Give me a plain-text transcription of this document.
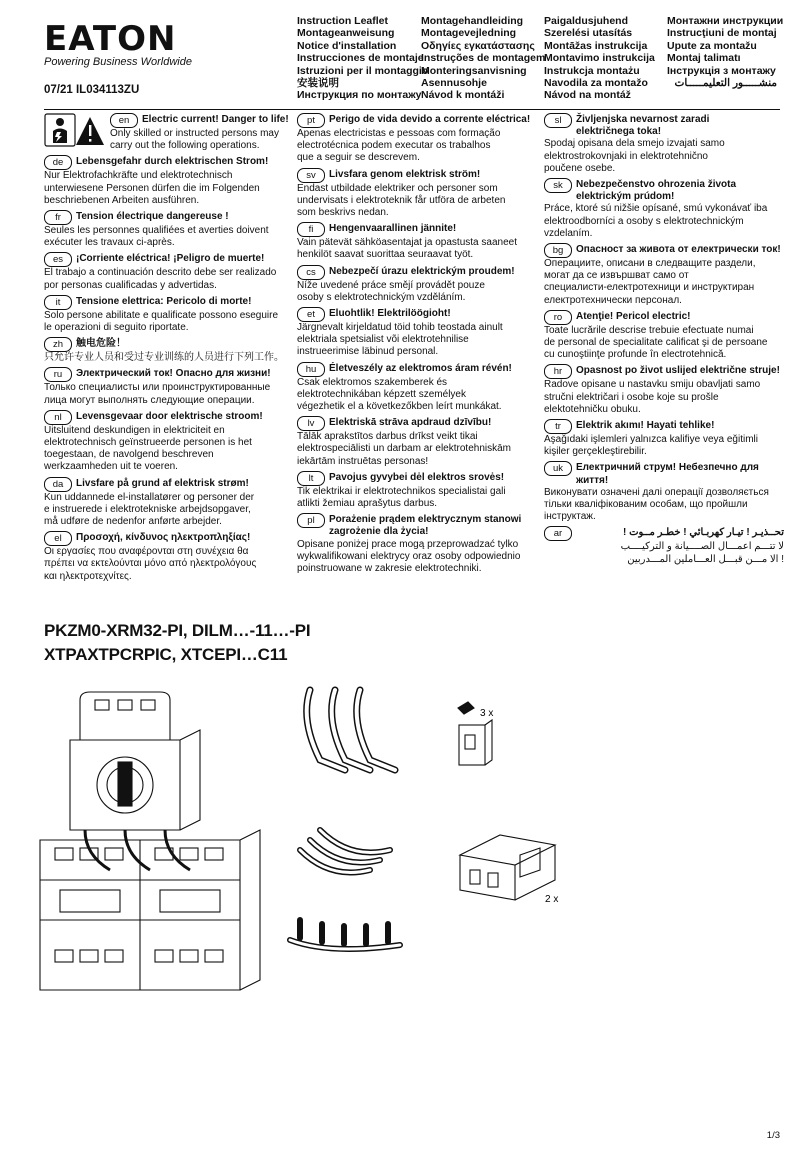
EATON
Powering Business Worldwide
07/21 IL034113ZU
Instruction Leaflet
Montageanweisung
Notice d'installation
Instrucciones de montaje
Istruzioni per il montaggio
安装说明
Инструкция по монтажу
Montagehandleiding
Montagevejledning
Οδηγίες εγκατάστασης
Instruções de montagem
Monteringsanvisning
Asennusohje
Návod k montáži
Paigaldusjuhend
Szerelési utasítás
Montāžas instrukcija
Montavimo instrukcija
Instrukcja montażu
Navodila za montažo
Návod na montáž
Монтажни инструкции
Instrucţiuni de montaj
Upute za montažu
Montaj talimatı
Інструкція з монтажу
منشـــــور التعليمـــــات
en	Electric current! Danger to life!
Only skilled or instructed persons may
carry out the following operations.
de	Lebensgefahr durch elektrischen Strom!
Nur Elektrofachkräfte und elektrotechnisch
unterwiesene Personen dürfen die im Folgenden
beschriebenen Arbeiten ausführen.
fr	Tension électrique dangereuse !
Seules les personnes qualifiées et averties doivent
exécuter les travaux ci-après.
es	¡Corriente eléctrica! ¡Peligro de muerte!
El trabajo a continuación descrito debe ser realizado
por personas cualificadas y advertidas.
it	Tensione elettrica: Pericolo di morte!
Solo persone abilitate e qualificate possono eseguire
le operazioni di seguito riportate.
zh	触电危险！
只允许专业人员和受过专业训练的人员进行下列工作。
ru	Электрический ток! Опасно для жизни!
Только специалисты или проинструктированные
лица могут выполнять следующие операции.
nl	Levensgevaar door elektrische stroom!
Uitsluitend deskundigen in elektriciteit en
elektrotechnisch geïnstrueerde personen is het
toegestaan, de navolgend beschreven
werkzaamheden uit te voeren.
da	Livsfare på grund af elektrisk strøm!
Kun uddannede el-installatører og personer der
e instruerede i elektrotekniske arbejdsopgaver,
må udføre de nedenfor anførte arbejder.
el	Προσοχή, κίνδυνος ηλεκτροπληξίας!
Οι εργασίες που αναφέρονται στη συνέχεια θα
πρέπει να εκτελούνται μόνο από ηλεκτρολόγους
και ηλεκτροτεχνίτες.
pt	Perigo de vida devido a corrente eléctrica!
Apenas electricistas e pessoas com formação
electrotécnica podem executar os trabalhos
que a seguir se descrevem.
sv	Livsfara genom elektrisk ström!
Endast utbildade elektriker och personer som
undervisats i elektroteknik får utföra de arbeten
som beskrivs nedan.
fi	Hengenvaarallinen jännite!
Vain pätevät sähköasentajat ja opastusta saaneet
henkilöt saavat suorittaa seuraavat työt.
cs	Nebezpečí úrazu elektrickým proudem!
Níže uvedené práce smějí provádět pouze
osoby s elektrotechnickým vzděláním.
et	Eluohtlik! Elektrilöögioht!
Järgnevalt kirjeldatud töid tohib teostada ainult
elektriala spetsialist või elektrotehnilise
instrueerimise läbinud personal.
hu	Életveszély az elektromos áram révén!
Csak elektromos szakemberek és
elektrotechnikában képzett személyek
végezhetik el a következőkben leírt munkákat.
lv	Elektriskā strāva apdraud dzīvību!
Tālāk aprakstītos darbus drīkst veikt tikai
elektrospeciālisti un darbam ar elektrotehniskām
iekārtām instruētas personas!
lt	Pavojus gyvybei dėl elektros srovės!
Tik elektrikai ir elektrotechnikos specialistai gali
atlikti žemiau aprašytus darbus.
pl	Porażenie prądem elektrycznym stanowi
zagrożenie dla życia!
Opisane poniżej prace mogą przeprowadzać tylko
wykwalifikowani elektrycy oraz osoby odpowiednio
poinstruowane w zakresie elektrotechniki.
sl	Življenjska nevarnost zaradi
električnega toka!
Spodaj opisana dela smejo izvajati samo
elektrostrokovnjaki in elektrotehnično
poučene osebe.
sk	Nebezpečenstvo ohrozenia života
elektrickým prúdom!
Práce, ktoré sú nižšie opísané, smú vykonávať iba
elektroodborníci a osoby s elektrotechnickým
vzdelaním.
bg	Опасност за живота от електрически ток!
Операциите, описани в следващите раздели,
могат да се извършват само от
специалисти-електротехници и инструктиран
електротехнически персонал.
ro	Atenţie! Pericol electric!
Toate lucrările descrise trebuie efectuate numai
de personal de specialitate calificat şi de persoane
cu cunoştiinţe profunde în electrotehnică.
hr	Opasnost po život uslijed električne struje!
Radove opisane u nastavku smiju obavljati samo
stručni električari i osobe koje su prošle
elektotehničku obuku.
tr	Elektrik akımı! Hayati tehlike!
Aşağıdaki işlemleri yalnızca kalifiye veya eğitimli
kişiler gerçekleştirebilir.
uk	Електричний струм! Небезпечно для життя!
Виконувати означені далі операції дозволяється
тільки кваліфікованим особам, що пройшли
інструктаж.
ar	تحــذيـر ! تيـار كهربـائي ! خطـر مــوت !
لا تتـــم اعمـــال الصــــيانة و التركيــــب
! الا مـــن قبـــل العـــاملين المـــدربين
PKZM0-XRM32-PI, DILM…-11…-PI
XTPAXTPCRPIC, XTCEPI…C11
3 x
2 x
1/3
